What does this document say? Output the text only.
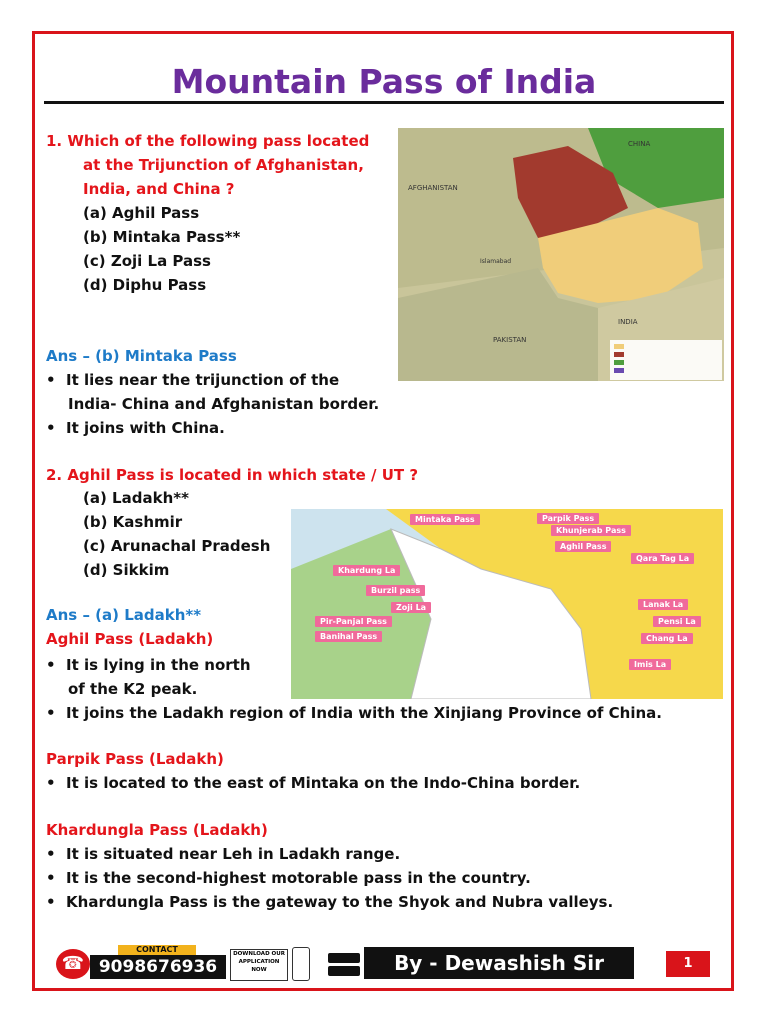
Mountain Pass of India
1. Which of the following pass located
at the Trijunction of Afghanistan,
India, and China ?
(a) Aghil Pass
(b) Mintaka Pass**
(c) Zoji La Pass
(d) Diphu Pass
Ans – (b) Mintaka Pass
•  It lies near the trijunction of the
India- China and Afghanistan border.
•  It joins with China.
CHINA
AFGHANISTAN
PAKISTAN
INDIA
Islamabad
2. Aghil Pass is located in which state / UT ?
(a) Ladakh**
(b) Kashmir
(c) Arunachal Pradesh
(d) Sikkim
Ans – (a) Ladakh**
Aghil Pass (Ladakh)
•  It is lying in the north
of the K2 peak.
•  It joins the Ladakh region of India with the Xinjiang Province of China.
Mintaka Pass	Parpik Pass
Khunjerab Pass
Aghil Pass
Qara Tag La
Khardung La
Burzil pass
Zoji La
Pir-Panjal Pass
Banihal Pass
Lanak La
Pensi La
Chang La
Imis La
Parpik Pass (Ladakh)
•  It is located to the east of Mintaka on the Indo-China border.
Khardungla Pass (Ladakh)
•  It is situated near Leh in Ladakh range.
•  It is the second-highest motorable pass in the country.
•  Khardungla Pass is the gateway to the Shyok and Nubra valleys.
☎
CONTACT
9098676936
DOWNLOAD OUR APPLICATION NOW	By - Dewashish Sir	1
